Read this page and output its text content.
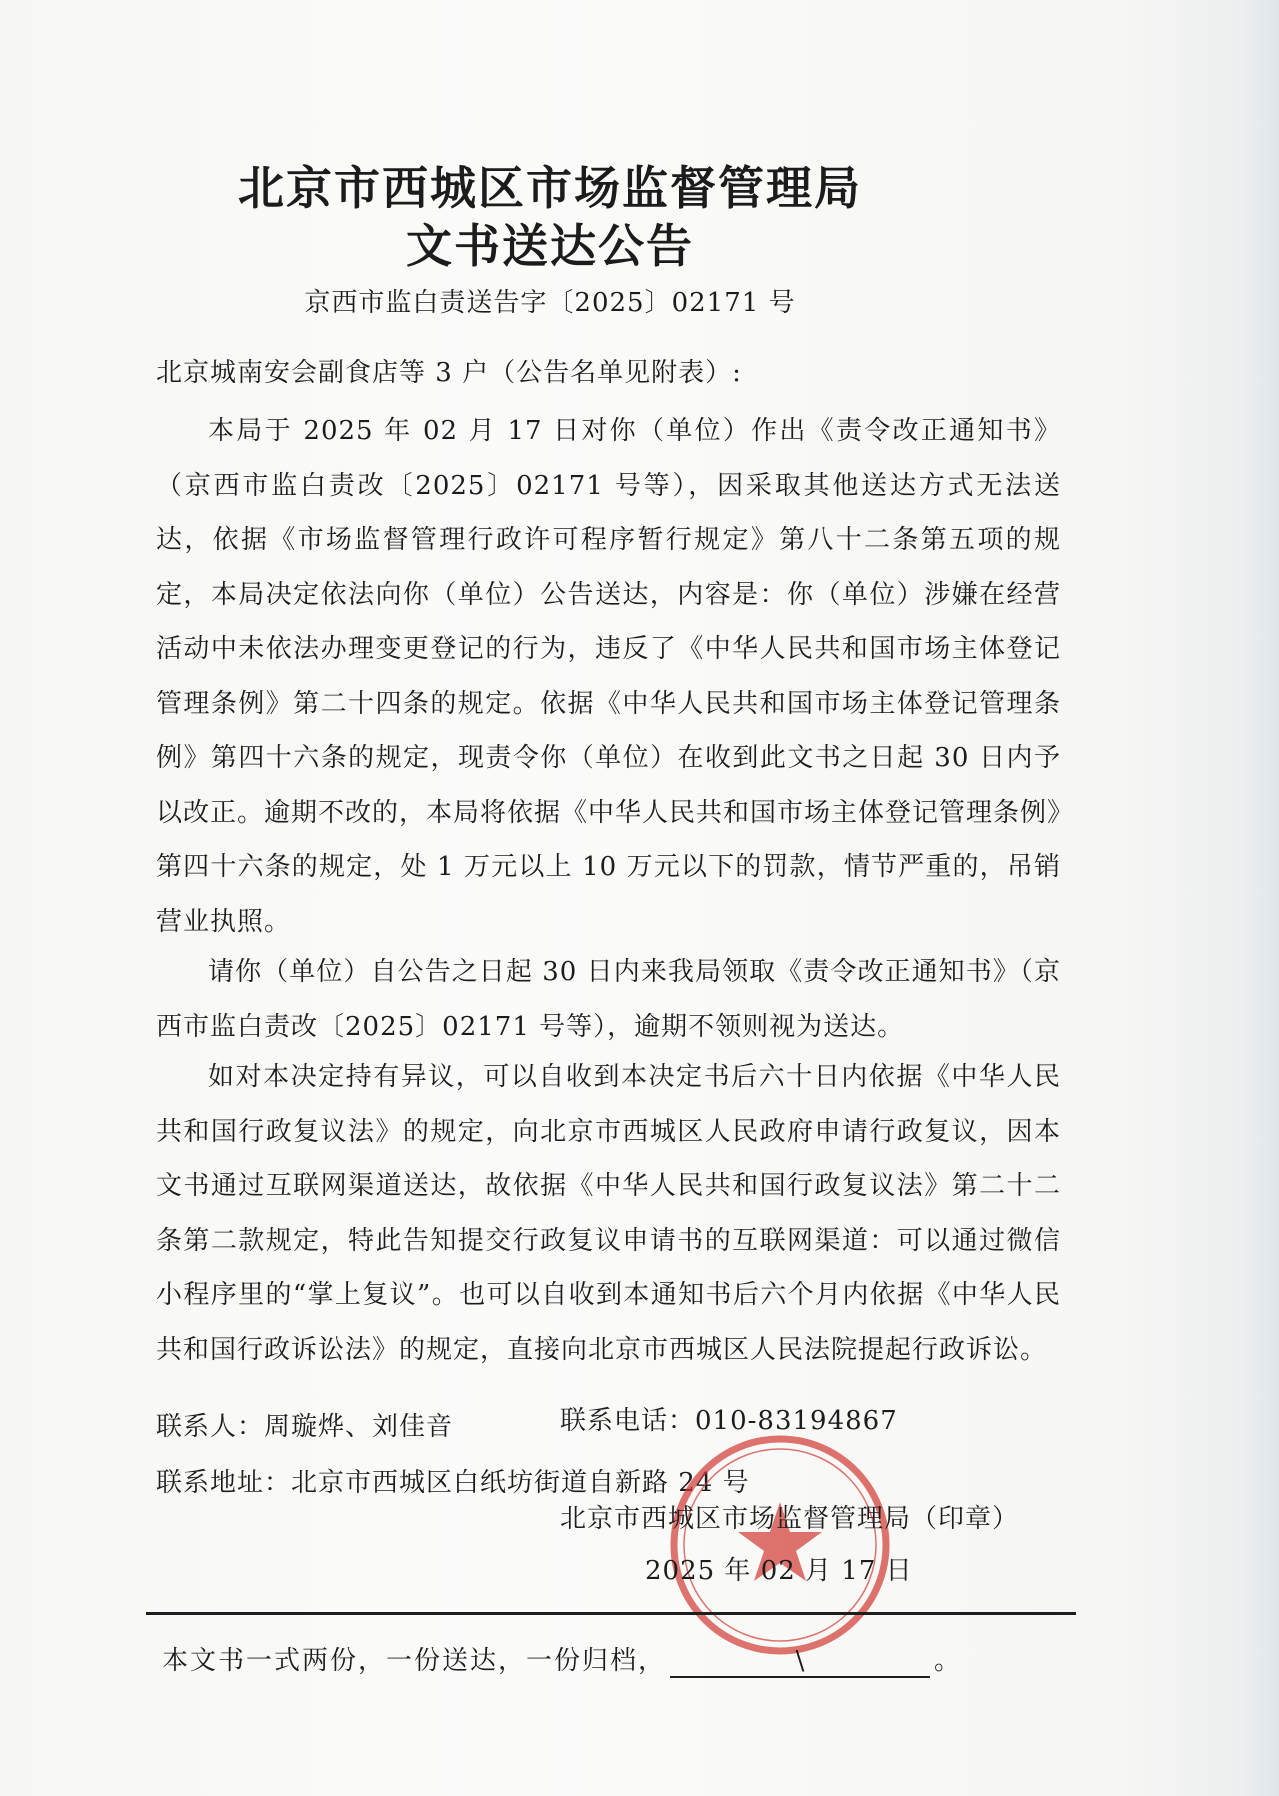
北京市西城区市场监督管理局
文书送达公告
京西市监白责送告字〔2025〕02171 号
北京城南安会副食店等 3 户（公告名单见附表）:

本局于 2025 年 02 月 17 日对你（单位）作出《责令改正通知书》（京西市监白责改〔2025〕02171 号等），因采取其他送达方式无法送达，依据《市场监督管理行政许可程序暂行规定》第八十二条第五项的规定，本局决定依法向你（单位）公告送达，内容是：你（单位）涉嫌在经营活动中未依法办理变更登记的行为，违反了《中华人民共和国市场主体登记管理条例》第二十四条的规定。依据《中华人民共和国市场主体登记管理条例》第四十六条的规定，现责令你（单位）在收到此文书之日起 30 日内予以改正。逾期不改的，本局将依据《中华人民共和国市场主体登记管理条例》第四十六条的规定，处 1 万元以上 10 万元以下的罚款，情节严重的，吊销营业执照。

请你（单位）自公告之日起 30 日内来我局领取《责令改正通知书》（京西市监白责改〔2025〕02171 号等），逾期不领则视为送达。

如对本决定持有异议，可以自收到本决定书后六十日内依据《中华人民共和国行政复议法》的规定，向北京市西城区人民政府申请行政复议，因本文书通过互联网渠道送达，故依据《中华人民共和国行政复议法》第二十二条第二款规定，特此告知提交行政复议申请书的互联网渠道：可以通过微信小程序里的“掌上复议”。也可以自收到本通知书后六个月内依据《中华人民共和国行政诉讼法》的规定，直接向北京市西城区人民法院提起行政诉讼。

联系人：周璇烨、刘佳音	联系电话：010-83194867
联系地址：北京市西城区白纸坊街道自新路 24 号
北京市西城区市场监督管理局（印章）
2025 年 02 月 17 日
本文书一式两份，一份送达，一份归档，	\	。
